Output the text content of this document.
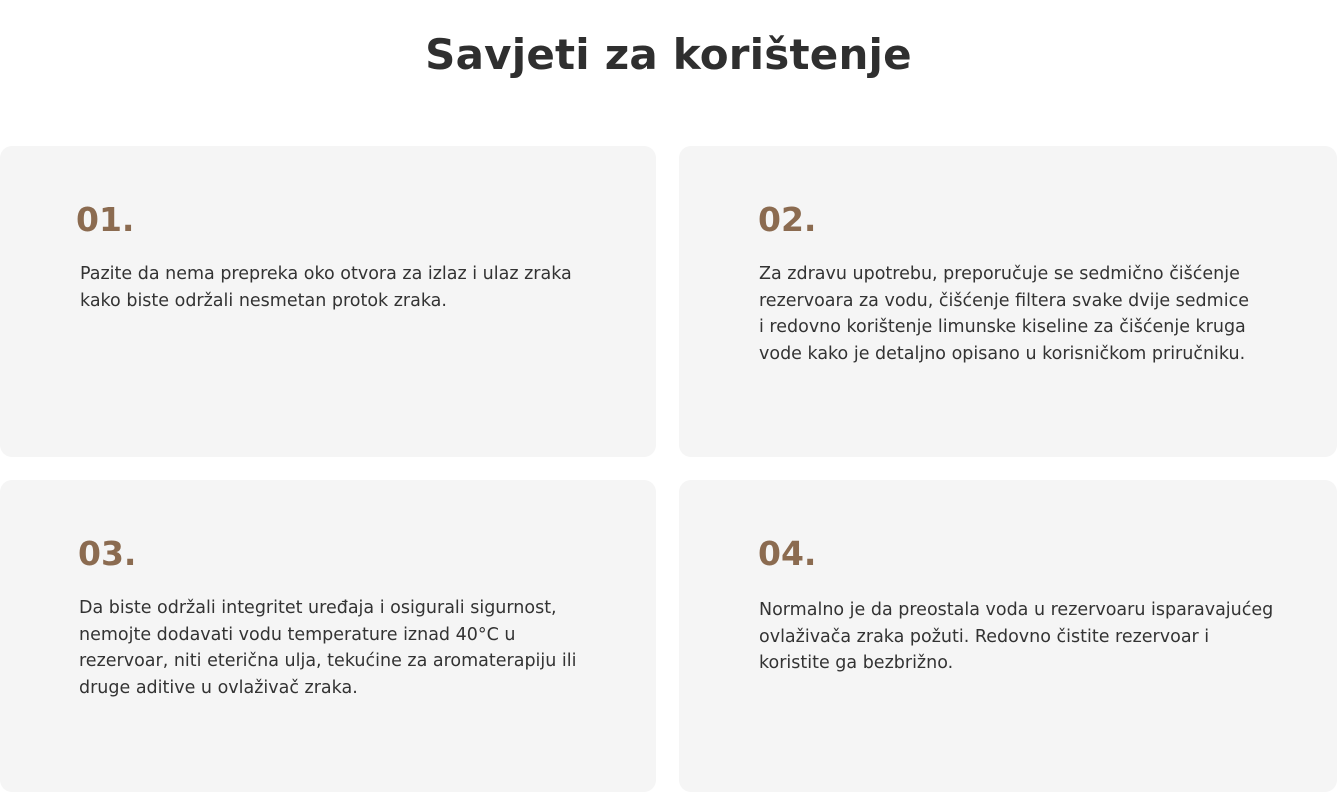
Savjeti za korištenje
01.

Pazite da nema prepreka oko otvora za izlaz i ulaz zraka kako biste održali nesmetan protok zraka.

02.

Za zdravu upotrebu, preporučuje se sedmično čišćenje rezervoara za vodu, čišćenje filtera svake dvije sedmice i redovno korištenje limunske kiseline za čišćenje kruga vode kako je detaljno opisano u korisničkom priručniku.

03.

Da biste održali integritet uređaja i osigurali sigurnost, nemojte dodavati vodu temperature iznad 40°C u rezervoar, niti eterična ulja, tekućine za aromaterapiju ili druge aditive u ovlaživač zraka.

04.

Normalno je da preostala voda u rezervoaru isparavajućeg ovlaživača zraka požuti. Redovno čistite rezervoar i koristite ga bezbrižno.
